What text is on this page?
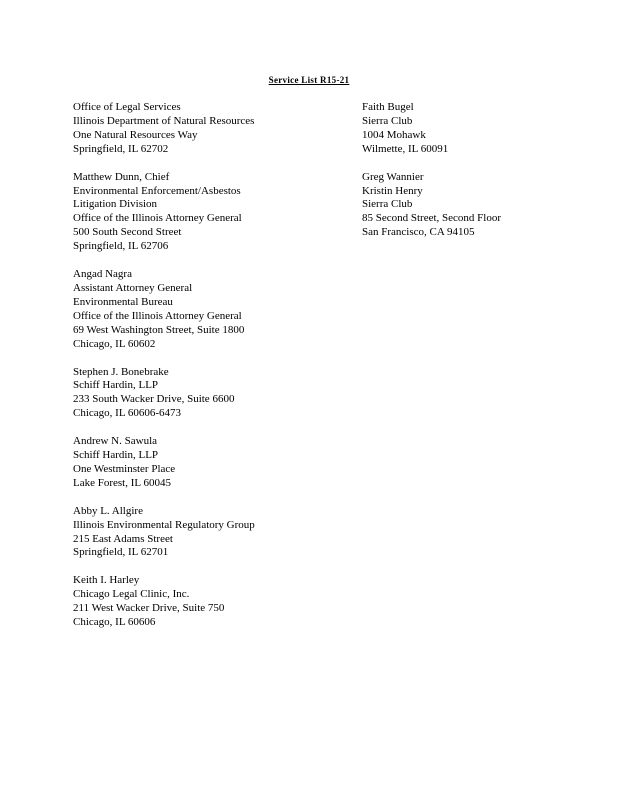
Service List R15-21
Office of Legal Services
Illinois Department of Natural Resources
One Natural Resources Way
Springfield, IL 62702
Matthew Dunn, Chief
Environmental Enforcement/Asbestos
Litigation Division
Office of the Illinois Attorney General
500 South Second Street
Springfield, IL 62706
Angad Nagra
Assistant Attorney General
Environmental Bureau
Office of the Illinois Attorney General
69 West Washington Street, Suite 1800
Chicago, IL 60602
Stephen J. Bonebrake
Schiff Hardin, LLP
233 South Wacker Drive, Suite 6600
Chicago, IL 60606-6473
Andrew N. Sawula
Schiff Hardin, LLP
One Westminster Place
Lake Forest, IL 60045
Abby L. Allgire
Illinois Environmental Regulatory Group
215 East Adams Street
Springfield, IL 62701
Keith I. Harley
Chicago Legal Clinic, Inc.
211 West Wacker Drive, Suite 750
Chicago, IL 60606
Faith Bugel
Sierra Club
1004 Mohawk
Wilmette, IL 60091
Greg Wannier
Kristin Henry
Sierra Club
85 Second Street, Second Floor
San Francisco, CA 94105
